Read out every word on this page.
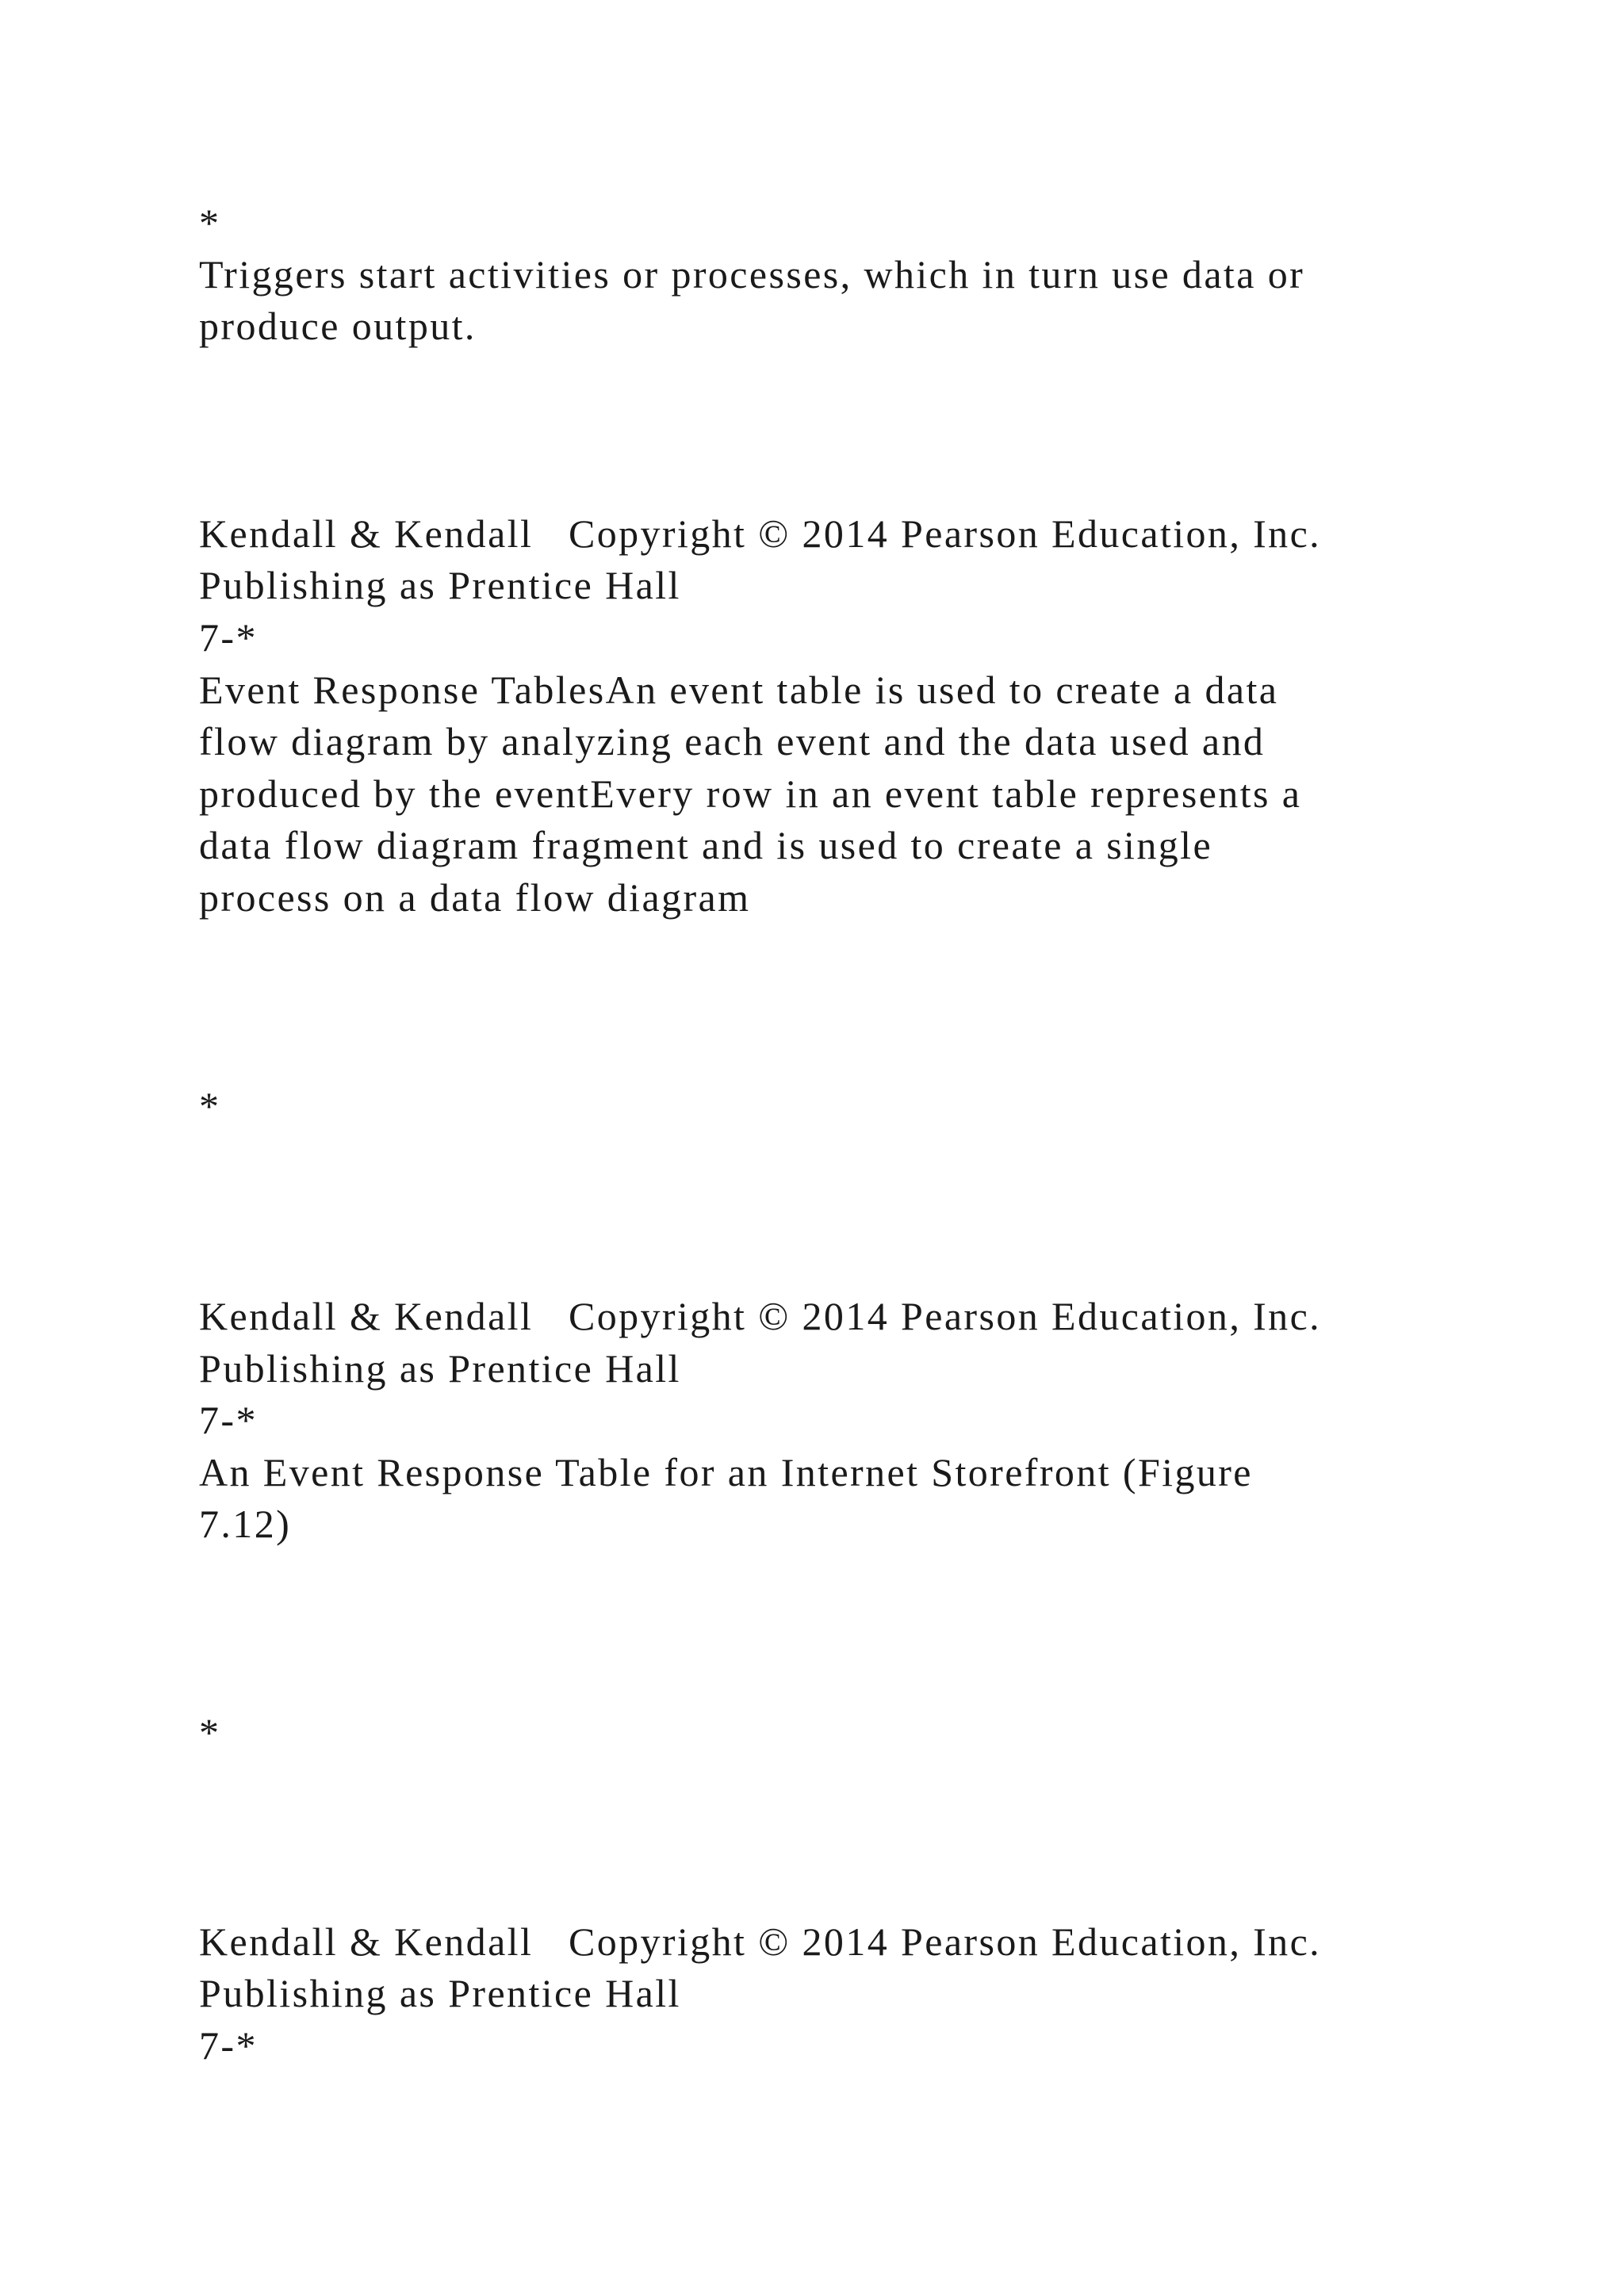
*
Triggers start activities or processes, which in turn use data or
produce output.
Kendall & Kendall   Copyright © 2014 Pearson Education, Inc.
Publishing as Prentice Hall
7-*
Event Response TablesAn event table is used to create a data
flow diagram by analyzing each event and the data used and
produced by the eventEvery row in an event table represents a
data flow diagram fragment and is used to create a single
process on a data flow diagram
*
Kendall & Kendall   Copyright © 2014 Pearson Education, Inc.
Publishing as Prentice Hall
7-*
An Event Response Table for an Internet Storefront (Figure
7.12)
*
Kendall & Kendall   Copyright © 2014 Pearson Education, Inc.
Publishing as Prentice Hall
7-*
